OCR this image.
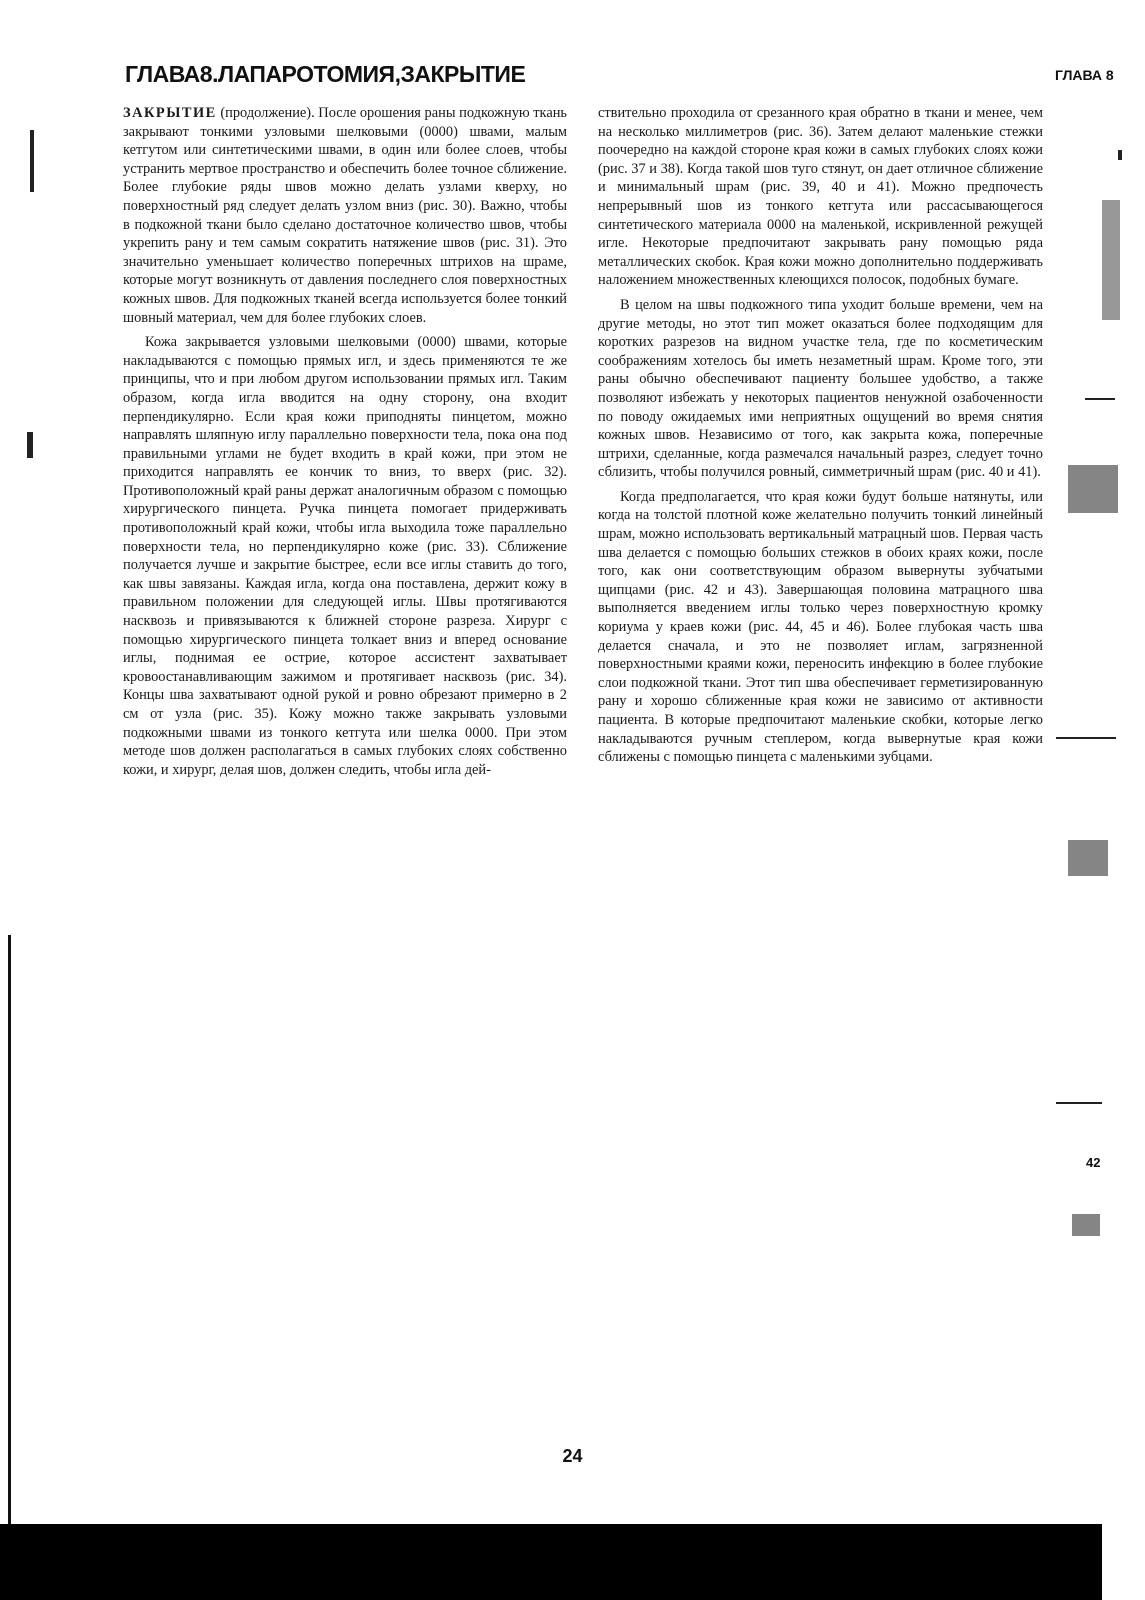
ГЛАВА8.ЛАПАРОТОМИЯ,ЗАКРЫТИЕ	ГЛАВА 8

ЗАКРЫТИЕ (продолжение). После орошения раны подкожную ткань закрывают тонкими узловыми шелковыми (0000) швами, малым кетгутом или синтетическими швами, в один или более слоев, чтобы устранить мертвое пространство и обеспечить более точное сближение. Более глубокие ряды швов можно делать узлами кверху, но поверхностный ряд следует делать узлом вниз (рис. 30). Важно, чтобы в подкожной ткани было сделано достаточное количество швов, чтобы укрепить рану и тем самым сократить натяжение швов (рис. 31). Это значительно уменьшает количество поперечных штрихов на шраме, которые могут возникнуть от давления последнего слоя поверхностных кожных швов. Для подкожных тканей всегда используется более тонкий шовный материал, чем для более глубоких слоев.

Кожа закрывается узловыми шелковыми (0000) швами, которые накладываются с помощью прямых игл, и здесь применяются те же принципы, что и при любом другом использовании прямых игл. Таким образом, когда игла вводится на одну сторону, она входит перпендикулярно. Если края кожи приподняты пинцетом, можно направлять шляпную иглу параллельно поверхности тела, пока она под правильными углами не будет входить в край кожи, при этом не приходится направлять ее кончик то вниз, то вверх (рис. 32). Противоположный край раны держат аналогичным образом с помощью хирургического пинцета. Ручка пинцета помогает придерживать противоположный край кожи, чтобы игла выходила тоже параллельно поверхности тела, но перпендикулярно коже (рис. 33). Сближение получается лучше и закрытие быстрее, если все иглы ставить до того, как швы завязаны. Каждая игла, когда она поставлена, держит кожу в правильном положении для следующей иглы. Швы протягиваются насквозь и привязываются к ближней стороне разреза. Хирург с помощью хирургического пинцета толкает вниз и вперед основание иглы, поднимая ее острие, которое ассистент захватывает кровоостанавливающим зажимом и протягивает насквозь (рис. 34). Концы шва захватывают одной рукой и ровно обрезают примерно в 2 см от узла (рис. 35). Кожу можно также закрывать узловыми подкожными швами из тонкого кетгута или шелка 0000. При этом методе шов должен располагаться в самых глубоких слоях собственно кожи, и хирург, делая шов, должен следить, чтобы игла дей-

ствительно проходила от срезанного края обратно в ткани и менее, чем на несколько миллиметров (рис. 36). Затем делают маленькие стежки поочередно на каждой стороне края кожи в самых глубоких слоях кожи (рис. 37 и 38). Когда такой шов туго стянут, он дает отличное сближение и минимальный шрам (рис. 39, 40 и 41). Можно предпочесть непрерывный шов из тонкого кетгута или рассасывающегося синтетического материала 0000 на маленькой, искривленной режущей игле. Некоторые предпочитают закрывать рану помощью ряда металлических скобок. Края кожи можно дополнительно поддерживать наложением множественных клеющихся полосок, подобных бумаге.

В целом на швы подкожного типа уходит больше времени, чем на другие методы, но этот тип может оказаться более подходящим для коротких разрезов на видном участке тела, где по косметическим соображениям хотелось бы иметь незаметный шрам. Кроме того, эти раны обычно обеспечивают пациенту большее удобство, а также позволяют избежать у некоторых пациентов ненужной озабоченности по поводу ожидаемых ими неприятных ощущений во время снятия кожных швов. Независимо от того, как закрыта кожа, поперечные штрихи, сделанные, когда размечался начальный разрез, следует точно сблизить, чтобы получился ровный, симметричный шрам (рис. 40 и 41).

Когда предполагается, что края кожи будут больше натянуты, или когда на толстой плотной коже желательно получить тонкий линейный шрам, можно использовать вертикальный матрацный шов. Первая часть шва делается с помощью больших стежков в обоих краях кожи, после того, как они соответствующим образом вывернуты зубчатыми щипцами (рис. 42 и 43). Завершающая половина матрацного шва выполняется введением иглы только через поверхностную кромку кориума у краев кожи (рис. 44, 45 и 46). Более глубокая часть шва делается сначала, и это не позволяет иглам, загрязненной поверхностными краями кожи, переносить инфекцию в более глубокие слои подкожной ткани. Этот тип шва обеспечивает герметизированную рану и хорошо сближенные края кожи не зависимо от активности пациента. В которые предпочитают маленькие скобки, которые легко накладываются ручным степлером, когда вывернутые края кожи сближены с помощью пинцета с маленькими зубцами.

42
24
